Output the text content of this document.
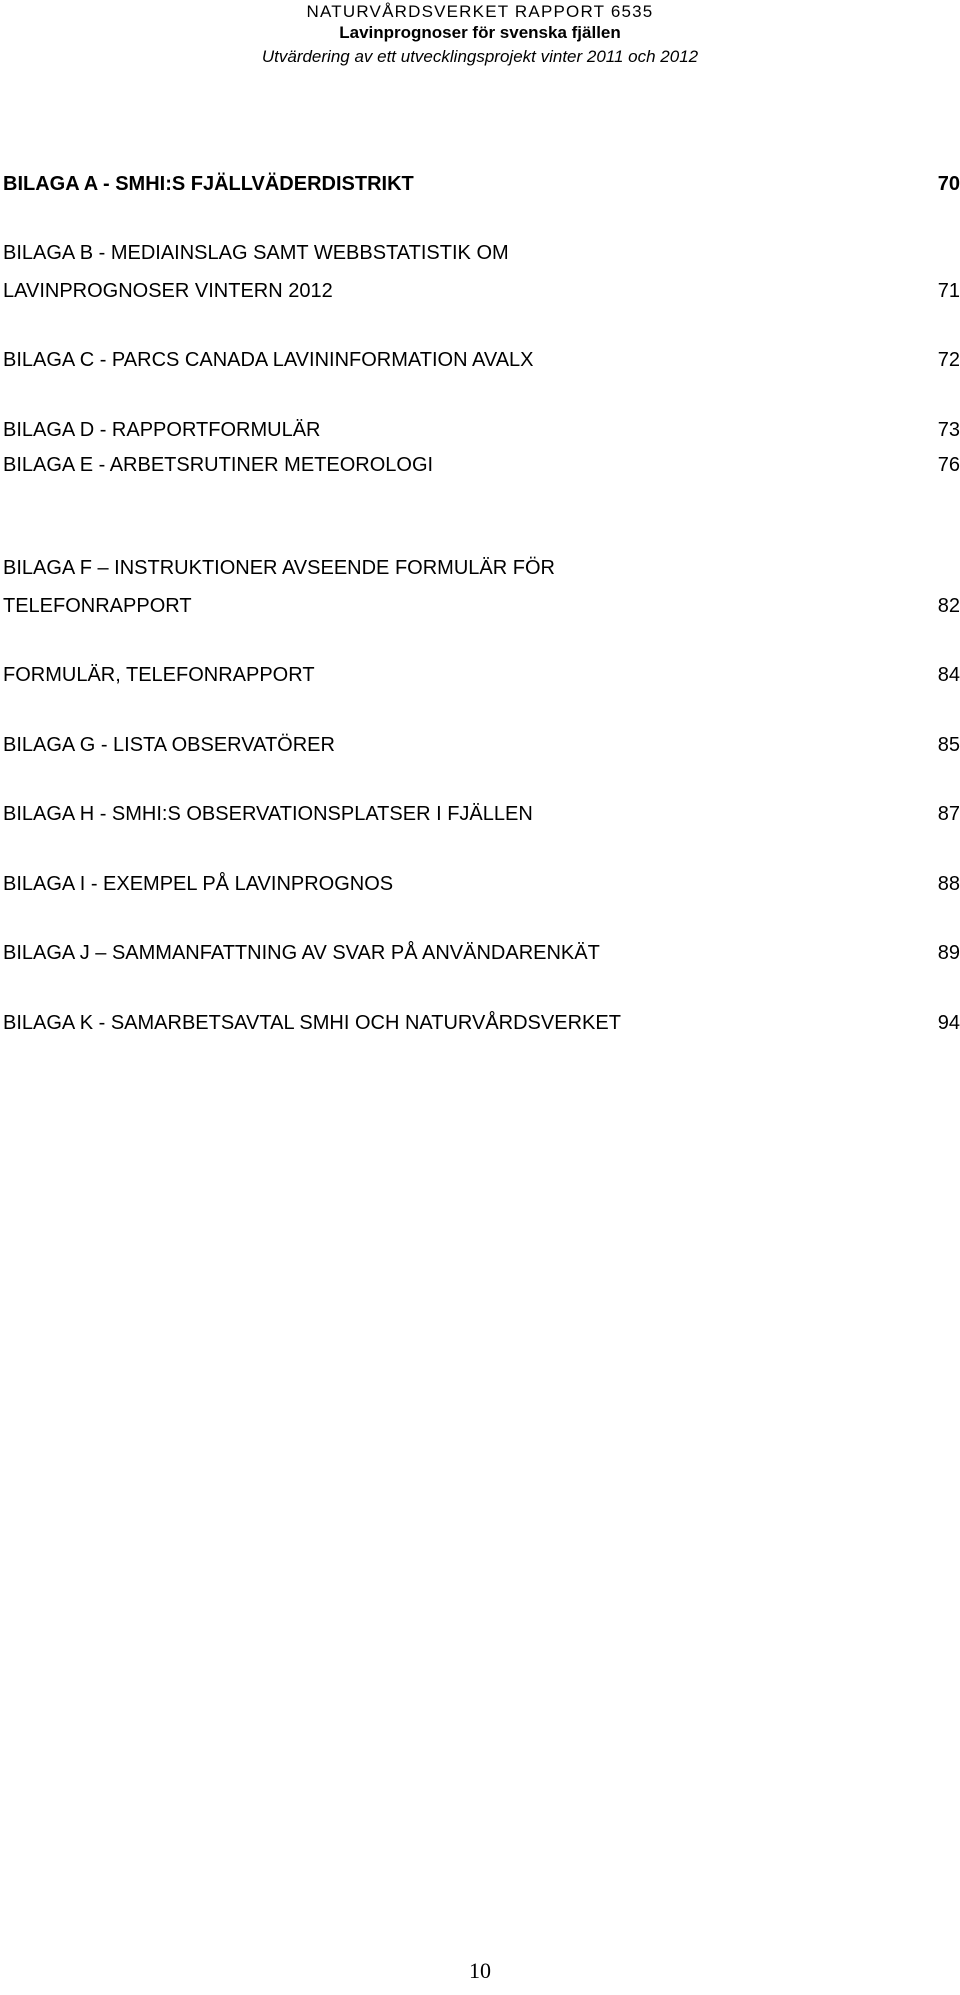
NATURVÅRDSVERKET RAPPORT 6535
Lavinprognoser för svenska fjällen
Utvärdering av ett utvecklingsprojekt vinter 2011 och 2012
BILAGA A - SMHI:S FJÄLLVÄDERDISTRIKT	70
BILAGA B - MEDIAINSLAG SAMT WEBBSTATISTIK OM
LAVINPROGNOSER VINTERN 2012	71
BILAGA C - PARCS CANADA LAVININFORMATION AVALX	72
BILAGA D - RAPPORTFORMULÄR	73
BILAGA E - ARBETSRUTINER METEOROLOGI	76
BILAGA F – INSTRUKTIONER AVSEENDE FORMULÄR FÖR
TELEFONRAPPORT	82
FORMULÄR, TELEFONRAPPORT	84
BILAGA G - LISTA OBSERVATÖRER	85
BILAGA H - SMHI:S OBSERVATIONSPLATSER I FJÄLLEN	87
BILAGA I - EXEMPEL PÅ LAVINPROGNOS	88
BILAGA J – SAMMANFATTNING AV SVAR PÅ ANVÄNDARENKÄT	89
BILAGA K - SAMARBETSAVTAL SMHI OCH NATURVÅRDSVERKET	94
10
